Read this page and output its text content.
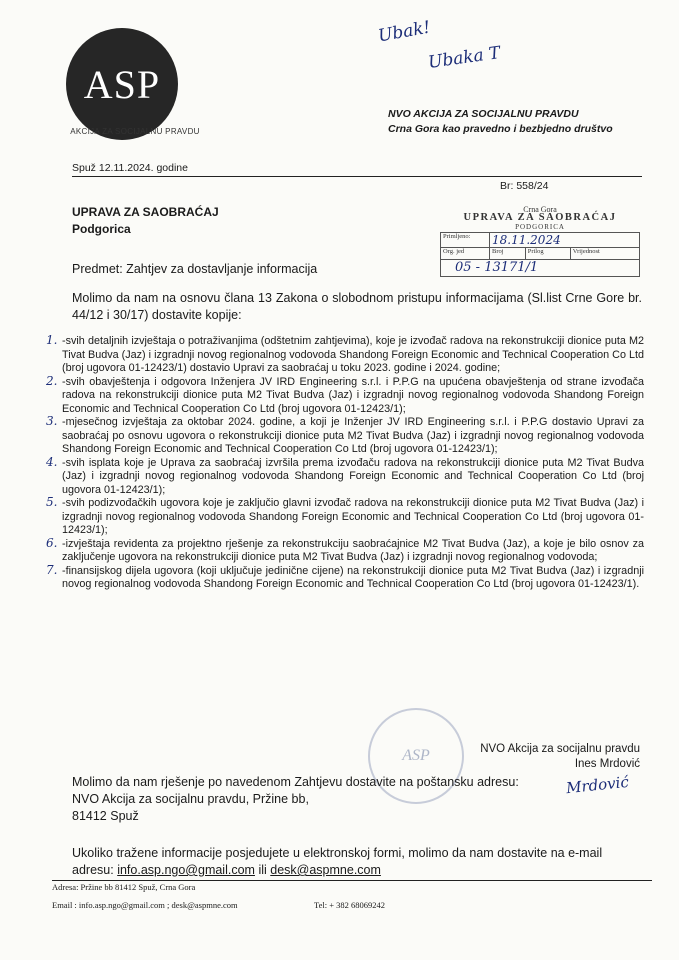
ASP
AKCIJA ZA SOCIJALNU PRAVDU
Ubak!
Ubaka T
NVO AKCIJA ZA SOCIJALNU PRAVDU
Crna Gora kao pravedno i bezbjedno društvo
Spuž 12.11.2024. godine
Br: 558/24
UPRAVA ZA SAOBRAĆAJ
Podgorica
Crna Gora
UPRAVA ZA SAOBRAĆAJ
PODGORICA
Primljeno:	18.11.2024		
Org. jed	Broj	Prilog	Vrijednost
05 - 13171/1			
Predmet: Zahtjev za dostavljanje informacija
Molimo da nam na osnovu člana 13 Zakona o slobodnom pristupu informacijama (Sl.list Crne Gore br. 44/12 i 30/17) dostavite kopije:
1. -svih detaljnih izvještaja o potraživanjima (odštetnim zahtjevima), koje je izvođač radova na rekonstrukciji dionice puta M2 Tivat Budva (Jaz) i izgradnji novog regionalnog vodovoda Shandong Foreign Economic and Technical Cooperation Co Ltd (broj ugovora 01-12423/1) dostavio Upravi za saobraćaj u toku 2023. godine i 2024. godine;
2. -svih obavještenja i odgovora Inženjera JV IRD Engineering s.r.l. i P.P.G na upućena obavještenja od strane izvođača radova na rekonstrukciji dionice puta M2 Tivat Budva (Jaz) i izgradnji novog regionalnog vodovoda Shandong Foreign Economic and Technical Cooperation Co Ltd (broj ugovora 01-12423/1);
3. -mjesečnog izvještaja za oktobar 2024. godine, a koji je Inženjer JV IRD Engineering s.r.l. i P.P.G dostavio Upravi za saobraćaj po osnovu ugovora o rekonstrukciji dionice puta M2 Tivat Budva (Jaz) i izgradnji novog regionalnog vodovoda Shandong Foreign Economic and Technical Cooperation Co Ltd (broj ugovora 01-12423/1);
4. -svih isplata koje je Uprava za saobraćaj izvršila prema izvođaču radova na rekonstrukciji dionice puta M2 Tivat Budva (Jaz) i izgradnji novog regionalnog vodovoda Shandong Foreign Economic and Technical Cooperation Co Ltd (broj ugovora 01-12423/1);
5. -svih podizvođačkih ugovora koje je zaključio glavni izvođač radova na rekonstrukciji dionice puta M2 Tivat Budva (Jaz) i izgradnji novog regionalnog vodovoda Shandong Foreign Economic and Technical Cooperation Co Ltd (broj ugovora 01-12423/1);
6. -izvještaja revidenta za projektno rješenje za rekonstrukciju saobraćajnice M2 Tivat Budva (Jaz), a koje je bilo osnov za zaključenje ugovora na rekonstrukciji dionice puta M2 Tivat Budva (Jaz) i izgradnji novog regionalnog vodovoda;
7. -finansijskog dijela ugovora (koji uključuje jedinične cijene) na rekonstrukciji dionice puta M2 Tivat Budva (Jaz) i izgradnji novog regionalnog vodovoda Shandong Foreign Economic and Technical Cooperation Co Ltd (broj ugovora 01-12423/1).
ASP	NVO Akcija za socijalnu pravdu
Ines Mrdović
Mrdović
Molimo da nam rješenje po navedenom Zahtjevu dostavite na poštansku adresu:
NVO Akcija za socijalnu pravdu, Pržine bb,
81412 Spuž
Ukoliko tražene informacije posjedujete u elektronskoj formi, molimo da nam dostavite na e-mail adresu: info.asp.ngo@gmail.com ili desk@aspmne.com
Adresa: Pržine bb 81412 Spuž, Crna Gora
Email : info.asp.ngo@gmail.com ; desk@aspmne.com	Tel: + 382 68069242
